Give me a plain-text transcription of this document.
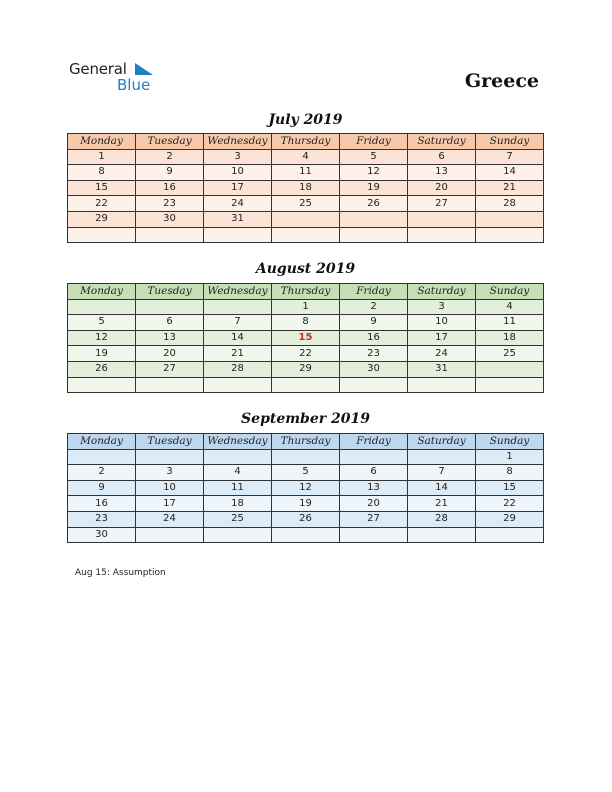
General
Blue	Greece
July 2019
Monday	Tuesday	Wednesday	Thursday	Friday	Saturday	Sunday
1	2	3	4	5	6	7
8	9	10	11	12	13	14
15	16	17	18	19	20	21
22	23	24	25	26	27	28
29	30	31				

August 2019
Monday	Tuesday	Wednesday	Thursday	Friday	Saturday	Sunday
			1	2	3	4
5	6	7	8	9	10	11
12	13	14	15	16	17	18
19	20	21	22	23	24	25
26	27	28	29	30	31	

September 2019
Monday	Tuesday	Wednesday	Thursday	Friday	Saturday	Sunday
						1
2	3	4	5	6	7	8
9	10	11	12	13	14	15
16	17	18	19	20	21	22
23	24	25	26	27	28	29
30						
Aug 15: Assumption
